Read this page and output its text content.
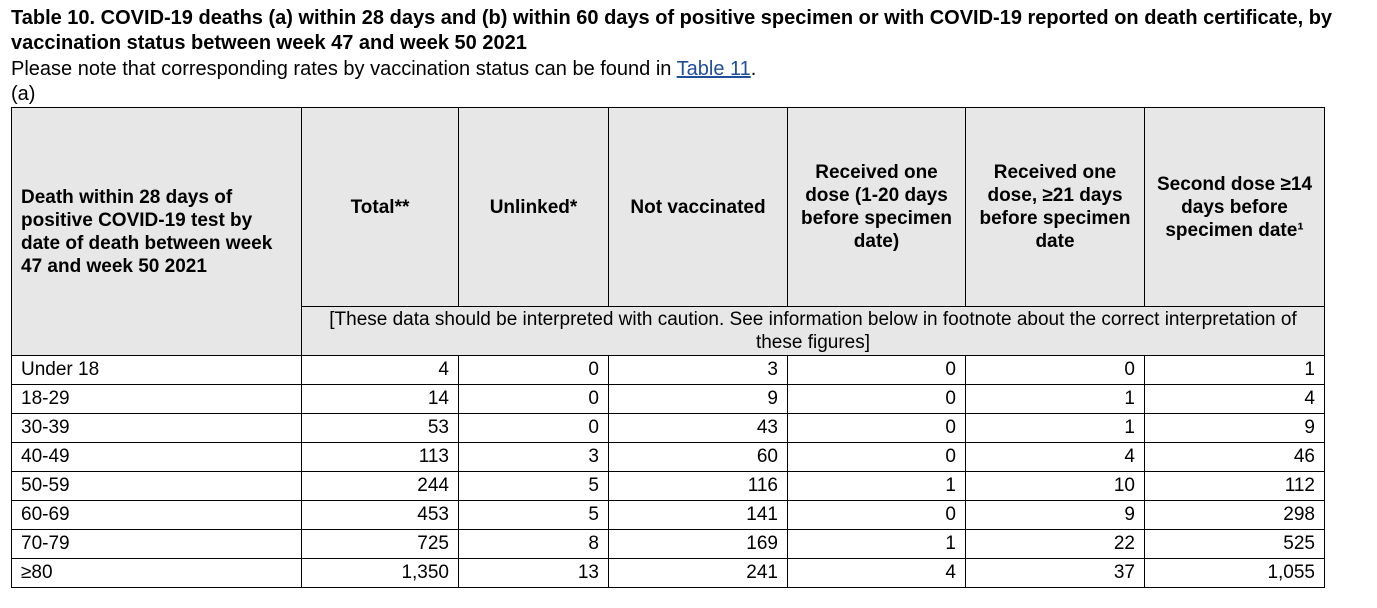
Table 10. COVID-19 deaths (a) within 28 days and (b) within 60 days of positive specimen or with COVID-19 reported on death certificate, by vaccination status between week 47 and week 50 2021
Please note that corresponding rates by vaccination status can be found in Table 11.
(a)
Death within 28 days of positive COVID-19 test by date of death between week 47 and week 50 2021	Total**	Unlinked*	Not vaccinated	Received one dose (1-20 days before specimen date)	Received one dose, ≥21 days before specimen date	Second dose ≥14 days before specimen date¹
	[These data should be interpreted with caution. See information below in footnote about the correct interpretation of these figures]					
Under 18	4	0	3	0	0	1
18-29	14	0	9	0	1	4
30-39	53	0	43	0	1	9
40-49	113	3	60	0	4	46
50-59	244	5	116	1	10	112
60-69	453	5	141	0	9	298
70-79	725	8	169	1	22	525
≥80	1,350	13	241	4	37	1,055
